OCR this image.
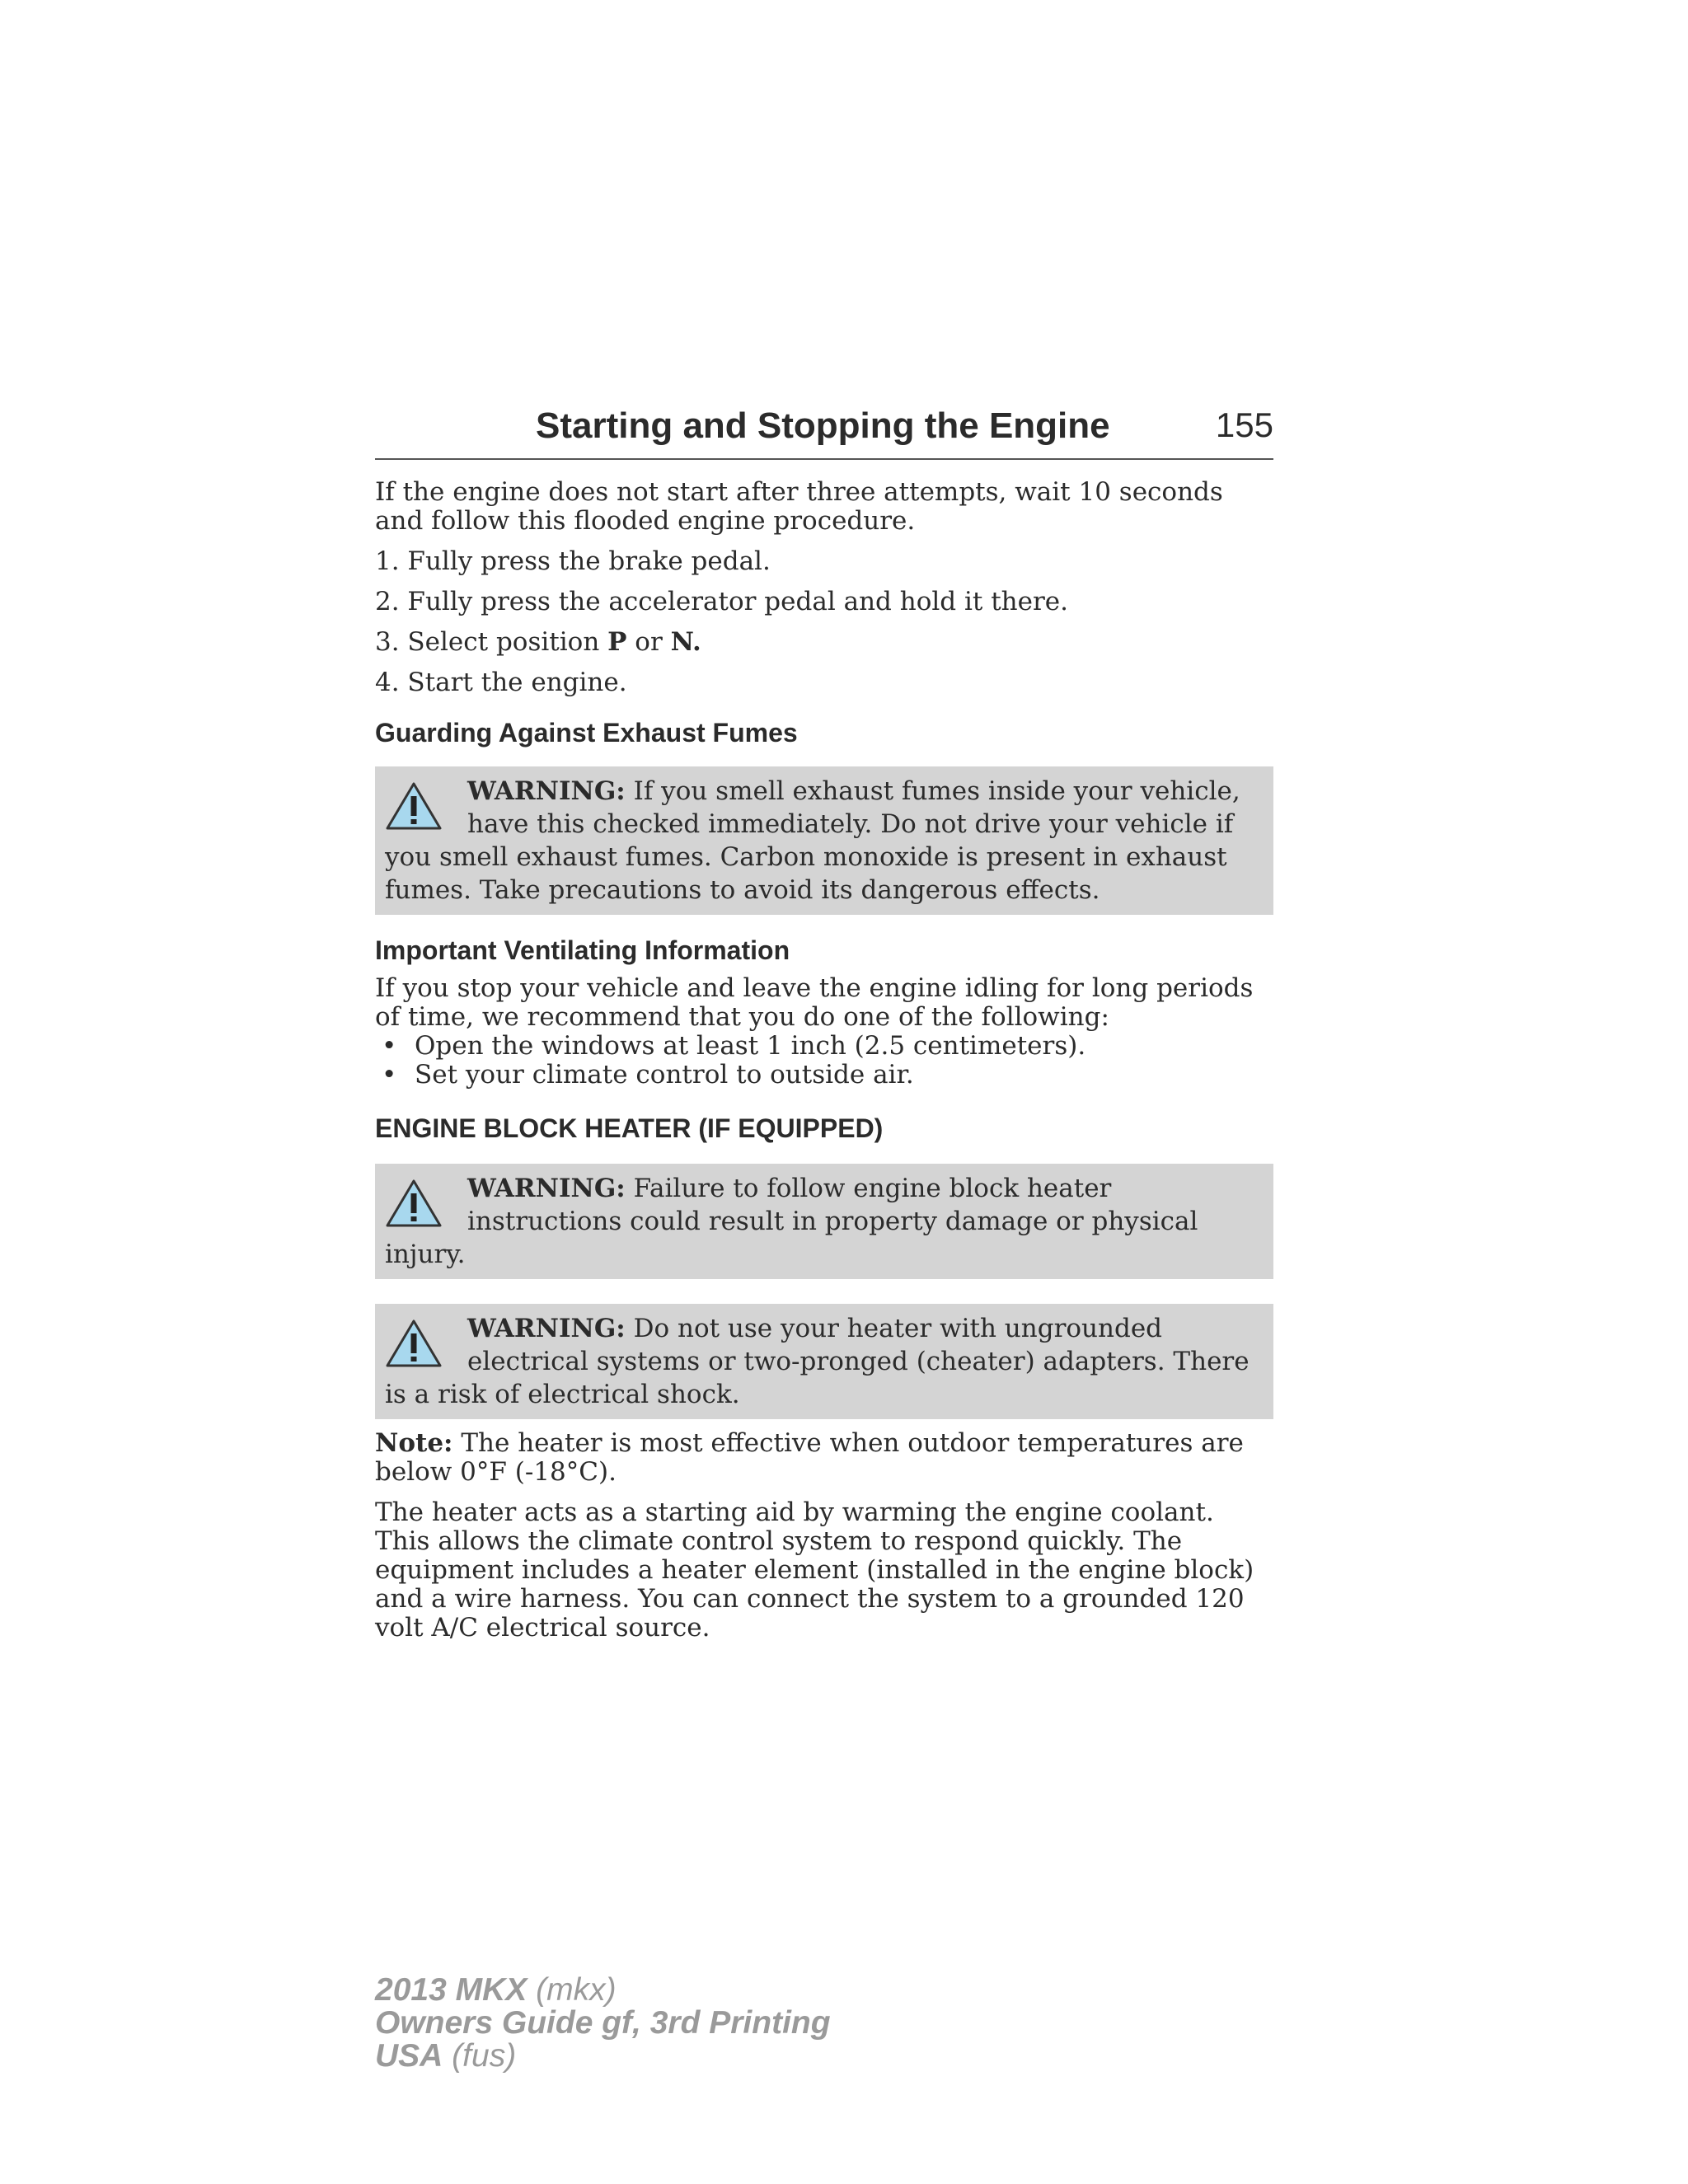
Starting and Stopping the Engine	155

If the engine does not start after three attempts, wait 10 seconds and follow this flooded engine procedure.

1. Fully press the brake pedal.

2. Fully press the accelerator pedal and hold it there.

3. Select position P or N.

4. Start the engine.

Guarding Against Exhaust Fumes
WARNING: If you smell exhaust fumes inside your vehicle, have this checked immediately. Do not drive your vehicle if you smell exhaust fumes. Carbon monoxide is present in exhaust fumes. Take precautions to avoid its dangerous effects.
Important Ventilating Information

If you stop your vehicle and leave the engine idling for long periods of time, we recommend that you do one of the following:

• Open the windows at least 1 inch (2.5 centimeters).
• Set your climate control to outside air.
ENGINE BLOCK HEATER (IF EQUIPPED)
WARNING: Failure to follow engine block heater instructions could result in property damage or physical injury.
WARNING: Do not use your heater with ungrounded electrical systems or two-pronged (cheater) adapters. There is a risk of electrical shock.

Note: The heater is most effective when outdoor temperatures are below 0°F (-18°C).

The heater acts as a starting aid by warming the engine coolant. This allows the climate control system to respond quickly. The equipment includes a heater element (installed in the engine block) and a wire harness. You can connect the system to a grounded 120 volt A/C electrical source.

2013 MKX (mkx)
Owners Guide gf, 3rd Printing
USA (fus)
